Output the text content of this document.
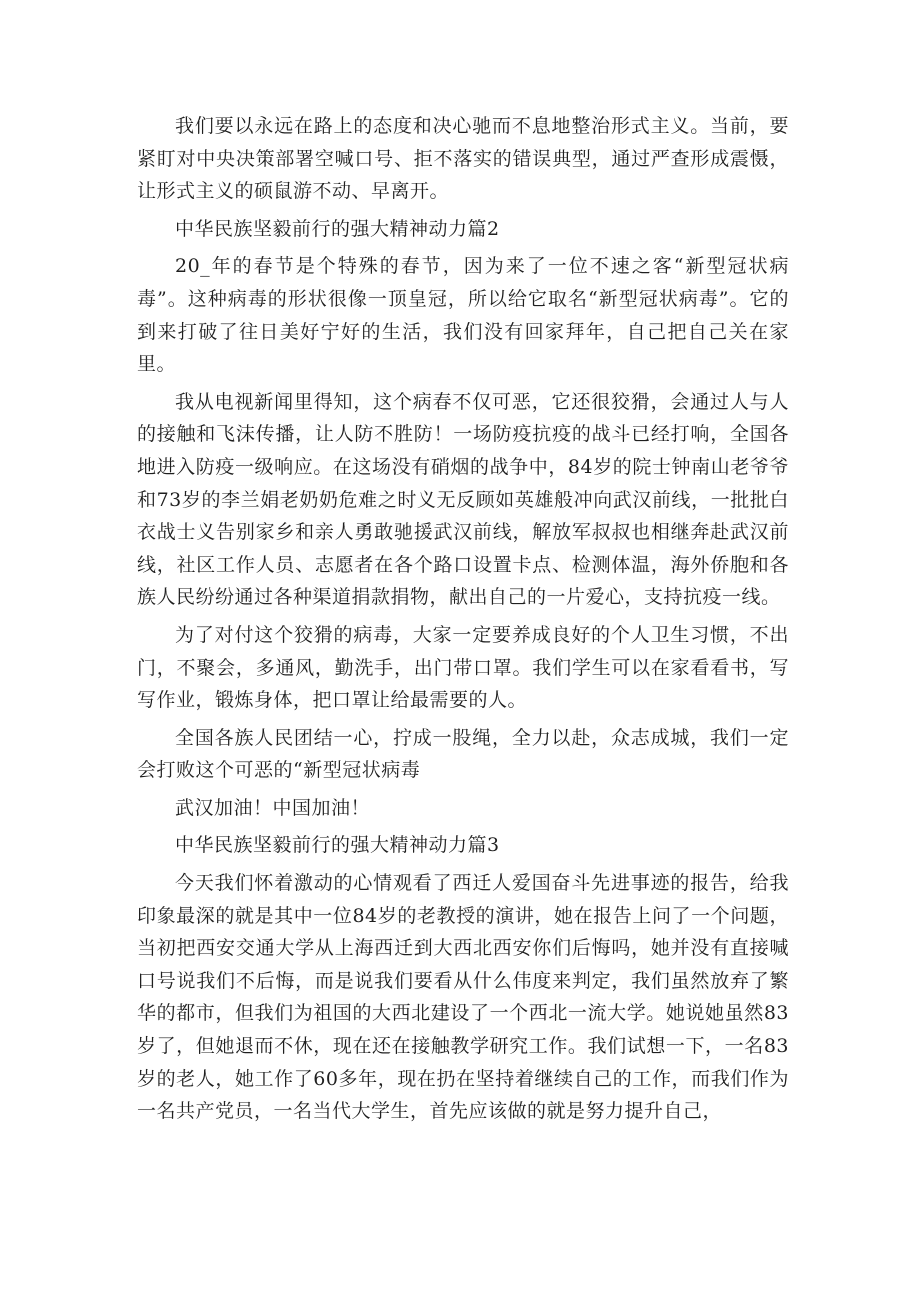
我们要以永远在路上的态度和决心驰而不息地整治形式主义。当前，要紧盯对中央决策部署空喊口号、拒不落实的错误典型，通过严查形成震慑，让形式主义的硕鼠游不动、早离开。

中华民族坚毅前行的强大精神动力篇2

20_年的春节是个特殊的春节，因为来了一位不速之客“新型冠状病毒”。这种病毒的形状很像一顶皇冠，所以给它取名“新型冠状病毒”。它的到来打破了往日美好宁好的生活，我们没有回家拜年，自己把自己关在家里。

我从电视新闻里得知，这个病春不仅可恶，它还很狡猾，会通过人与人的接触和飞沫传播，让人防不胜防！一场防疫抗疫的战斗已经打响，全国各地进入防疫一级响应。在这场没有硝烟的战争中，84岁的院士钟南山老爷爷和73岁的李兰娟老奶奶危难之时义无反顾如英雄般冲向武汉前线，一批批白衣战士义告别家乡和亲人勇敢驰援武汉前线，解放军叔叔也相继奔赴武汉前线，社区工作人员、志愿者在各个路口设置卡点、检测体温，海外侨胞和各族人民纷纷通过各种渠道捐款捐物，献出自己的一片爱心，支持抗疫一线。

为了对付这个狡猾的病毒，大家一定要养成良好的个人卫生习惯，不出门，不聚会，多通风，勤洗手，出门带口罩。我们学生可以在家看看书，写写作业，锻炼身体，把口罩让给最需要的人。

全国各族人民团结一心，拧成一股绳，全力以赴，众志成城，我们一定会打败这个可恶的“新型冠状病毒

武汉加油！中国加油！

中华民族坚毅前行的强大精神动力篇3

今天我们怀着激动的心情观看了西迁人爱国奋斗先进事迹的报告，给我印象最深的就是其中一位84岁的老教授的演讲，她在报告上问了一个问题，当初把西安交通大学从上海西迁到大西北西安你们后悔吗，她并没有直接喊口号说我们不后悔，而是说我们要看从什么伟度来判定，我们虽然放弃了繁华的都市，但我们为祖国的大西北建设了一个西北一流大学。她说她虽然83岁了，但她退而不休，现在还在接触教学研究工作。我们试想一下，一名83岁的老人，她工作了60多年，现在扔在坚持着继续自己的工作，而我们作为一名共产党员，一名当代大学生，首先应该做的就是努力提升自己，
